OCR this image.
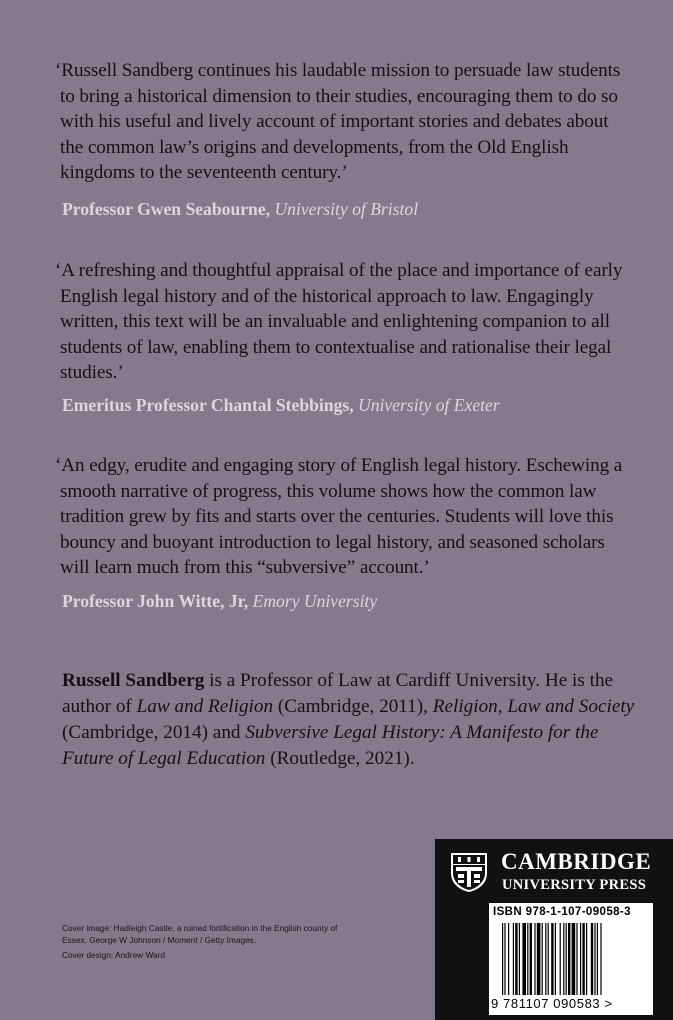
‘Russell Sandberg continues his laudable mission to persuade law students to bring a historical dimension to their studies, encouraging them to do so with his useful and lively account of important stories and debates about the common law’s origins and developments, from the Old English kingdoms to the seventeenth century.’
Professor Gwen Seabourne, University of Bristol
‘A refreshing and thoughtful appraisal of the place and importance of early English legal history and of the historical approach to law. Engagingly written, this text will be an invaluable and enlightening companion to all students of law, enabling them to contextualise and rationalise their legal studies.’
Emeritus Professor Chantal Stebbings, University of Exeter
‘An edgy, erudite and engaging story of English legal history. Eschewing a smooth narrative of progress, this volume shows how the common law tradition grew by fits and starts over the centuries. Students will love this bouncy and buoyant introduction to legal history, and seasoned scholars will learn much from this “subversive” account.’
Professor John Witte, Jr, Emory University
Russell Sandberg is a Professor of Law at Cardiff University. He is the author of Law and Religion (Cambridge, 2011), Religion, Law and Society (Cambridge, 2014) and Subversive Legal History: A Manifesto for the Future of Legal Education (Routledge, 2021).
Cover image: Hadleigh Castle, a ruined fortification in the English county of Essex. George W Johnson / Moment / Getty Images.
Cover design: Andrew Ward
CAMBRIDGE
UNIVERSITY PRESS
ISBN 978-1-107-09058-3
9 781107 090583 >
